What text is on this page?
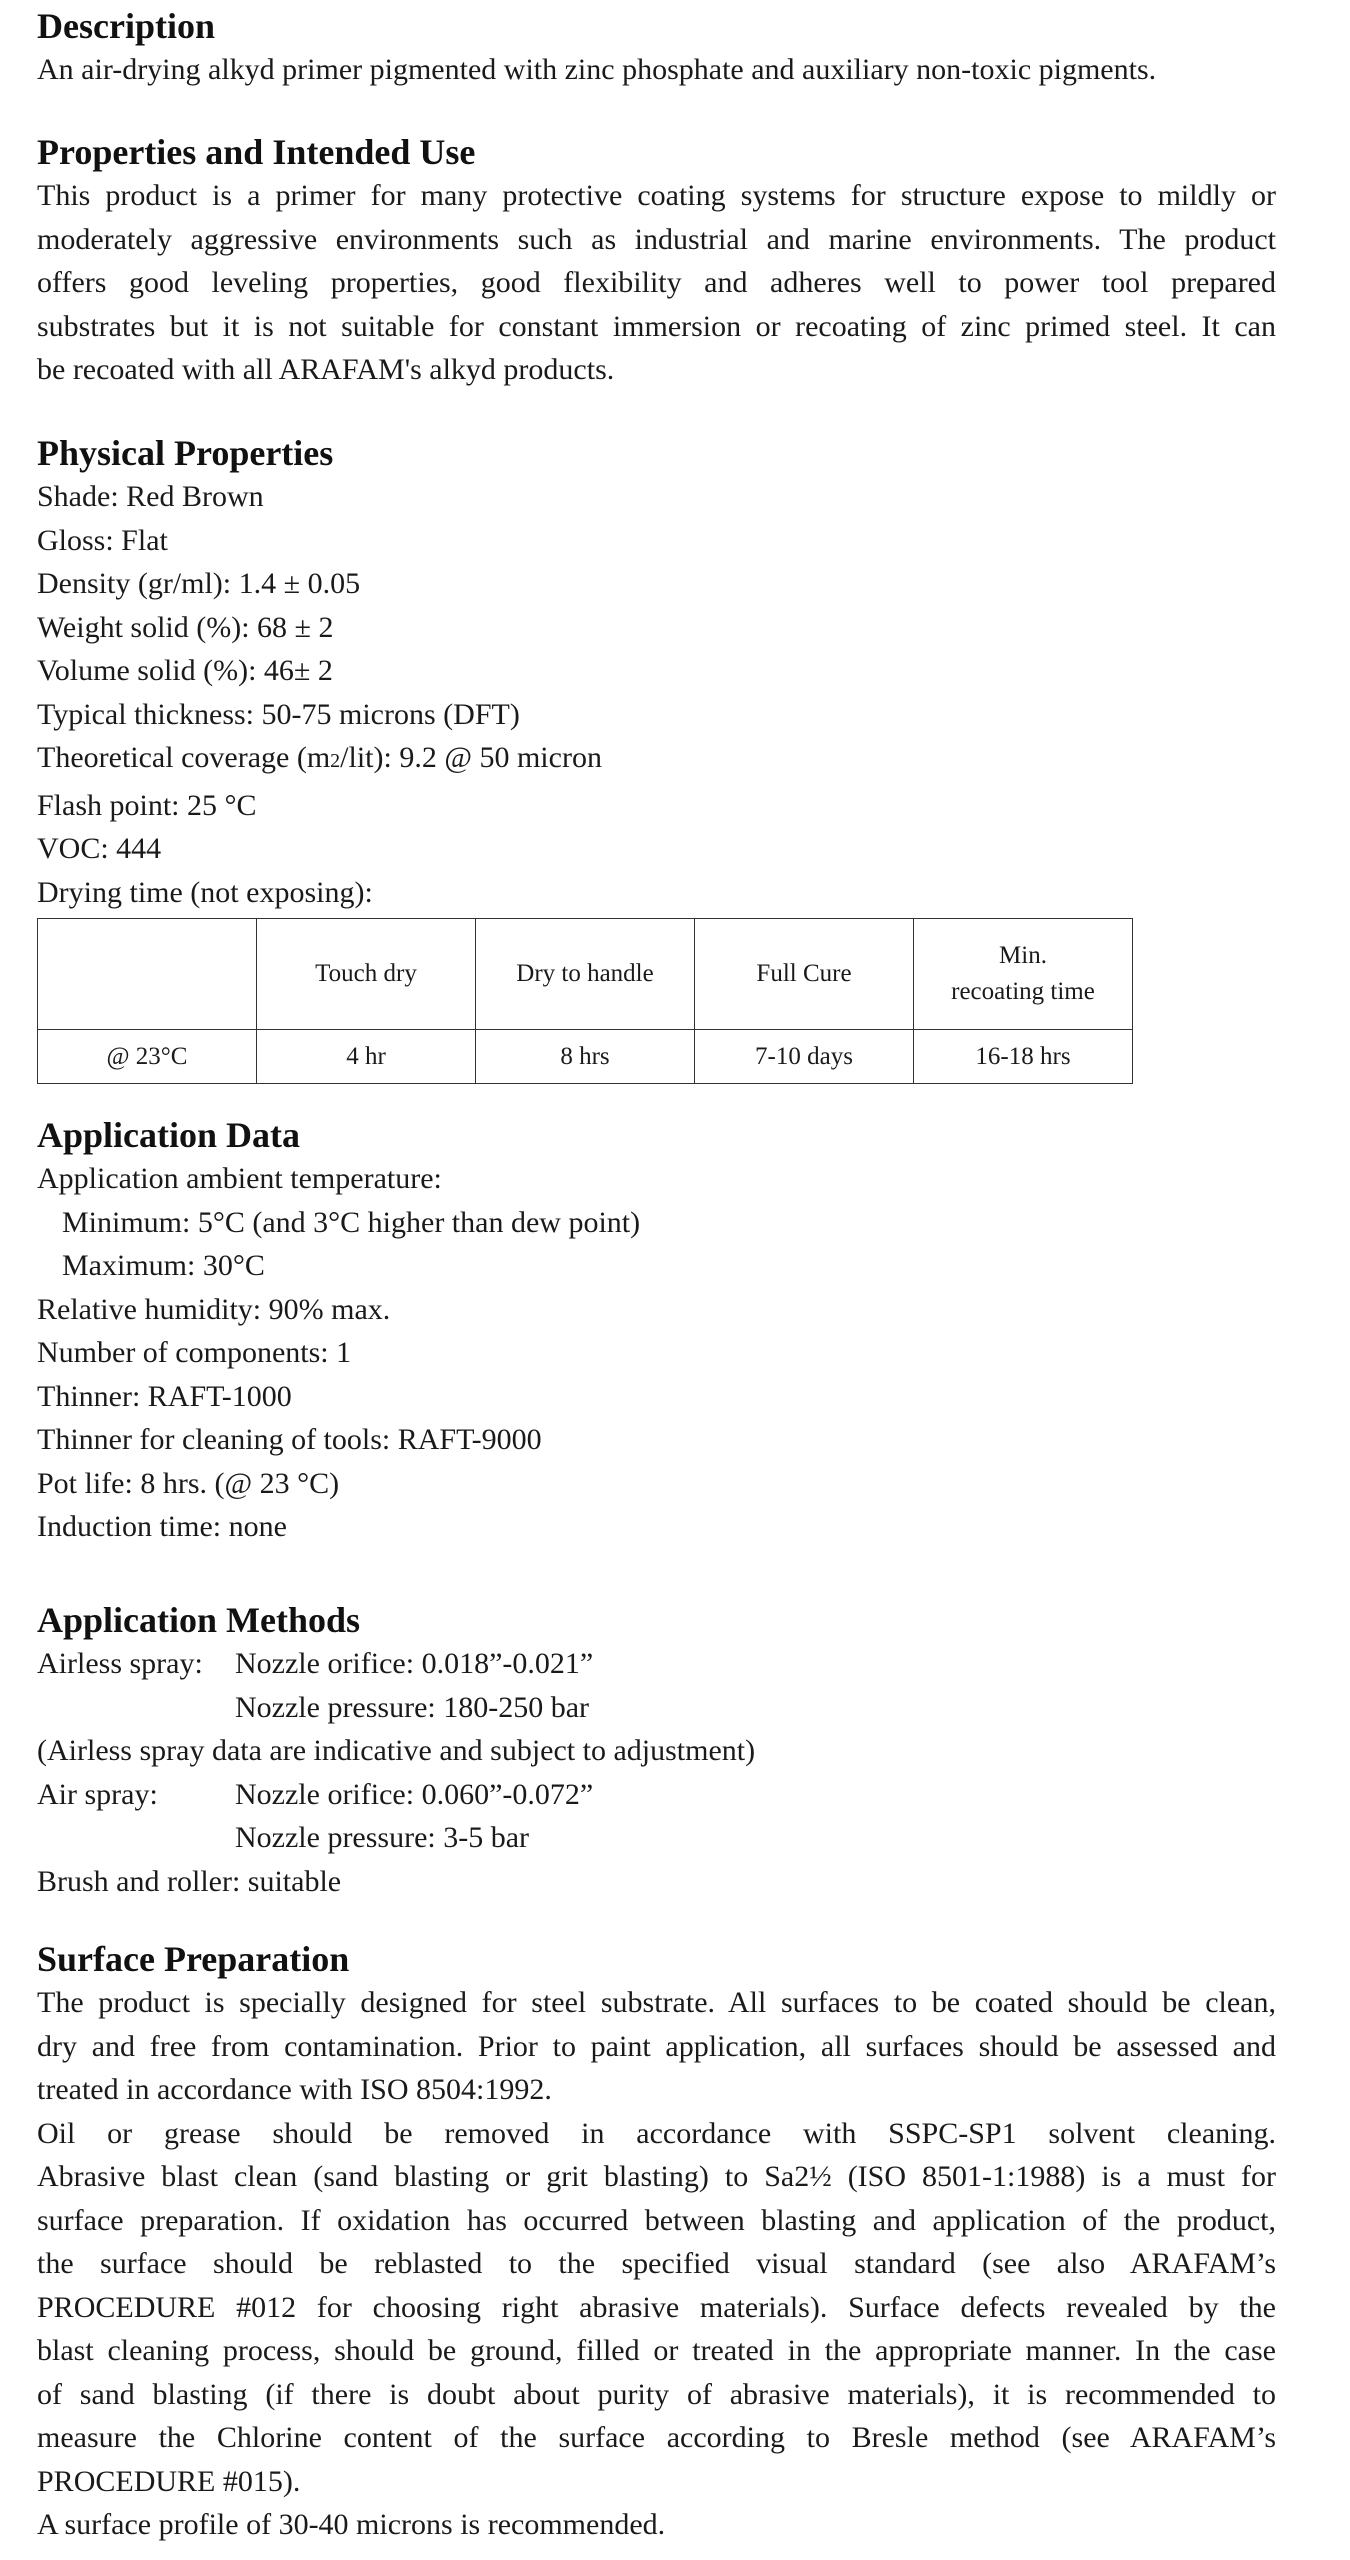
Description

An air-drying alkyd primer pigmented with zinc phosphate and auxiliary non-toxic pigments.

Properties and Intended Use

This product is a primer for many protective coating systems for structure expose to mildly or

moderately aggressive environments such as industrial and marine environments. The product

offers good leveling properties, good flexibility and adheres well to power tool prepared

substrates but it is not suitable for constant immersion or recoating of zinc primed steel. It can

be recoated with all ARAFAM's alkyd products.

Physical Properties

Shade: Red Brown

Gloss: Flat

Density (gr/ml): 1.4 ± 0.05

Weight solid (%): 68 ± 2

Volume solid (%): 46± 2

Typical thickness: 50-75 microns (DFT)

Theoretical coverage (m2/lit): 9.2 @ 50 micron

Flash point: 25 °C

VOC: 444

Drying time (not exposing):

	Touch dry	Dry to handle	Full Cure	Min.
recoating time

@ 23°C	4 hr	8 hrs	7-10 days	16-18 hrs
Application Data

Application ambient temperature:

Minimum: 5°C (and 3°C higher than dew point)

Maximum: 30°C

Relative humidity: 90% max.

Number of components: 1

Thinner: RAFT-1000

Thinner for cleaning of tools: RAFT-9000

Pot life: 8 hrs. (@ 23 °C)

Induction time: none

Application Methods
Airless spray:	Nozzle orifice: 0.018”-0.021”
Nozzle pressure: 180-250 bar

(Airless spray data are indicative and subject to adjustment)

Air spray:	Nozzle orifice: 0.060”-0.072”
Nozzle pressure: 3-5 bar

Brush and roller: suitable

Surface Preparation

The product is specially designed for steel substrate. All surfaces to be coated should be clean,

dry and free from contamination. Prior to paint application, all surfaces should be assessed and

treated in accordance with ISO 8504:1992.

Oil or grease should be removed in accordance with SSPC-SP1 solvent cleaning.

Abrasive blast clean (sand blasting or grit blasting) to Sa2½ (ISO 8501-1:1988) is a must for

surface preparation. If oxidation has occurred between blasting and application of the product,

the surface should be reblasted to the specified visual standard (see also ARAFAM’s

PROCEDURE #012 for choosing right abrasive materials). Surface defects revealed by the

blast cleaning process, should be ground, filled or treated in the appropriate manner. In the case

of sand blasting (if there is doubt about purity of abrasive materials), it is recommended to

measure the Chlorine content of the surface according to Bresle method (see ARAFAM’s

PROCEDURE #015).

A surface profile of 30-40 microns is recommended.
